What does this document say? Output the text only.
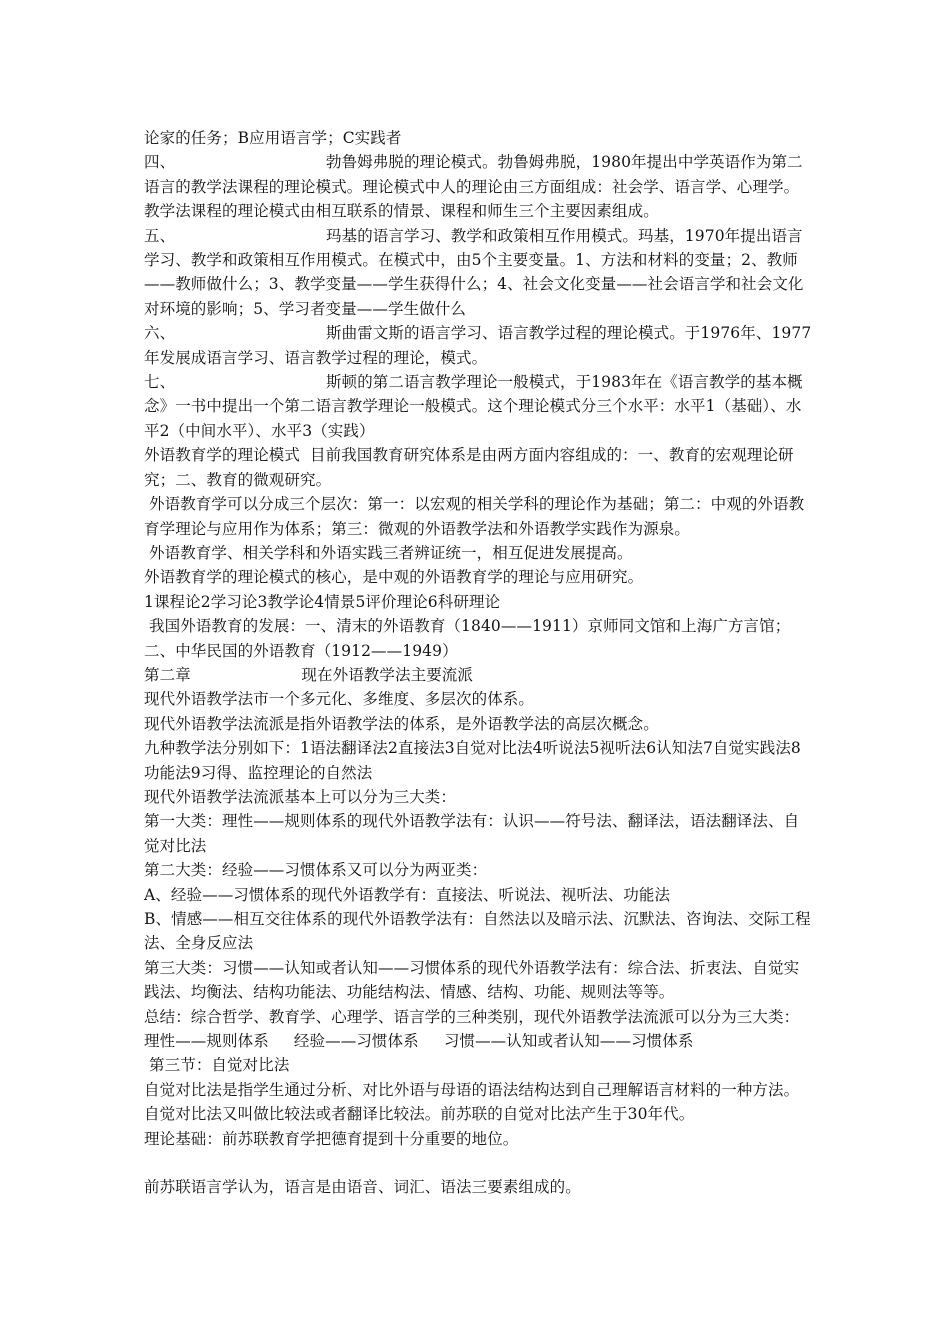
论家的任务；B应用语言学；C实践者

四、                              勃鲁姆弗脱的理论模式。勃鲁姆弗脱，1980年提出中学英语作为第二语言的教学法课程的理论模式。理论模式中人的理论由三方面组成：社会学、语言学、心理学。教学法课程的理论模式由相互联系的情景、课程和师生三个主要因素组成。

五、                              玛基的语言学习、教学和政策相互作用模式。玛基，1970年提出语言学习、教学和政策相互作用模式。在模式中，由5个主要变量。1、方法和材料的变量；2、教师——教师做什么；3、教学变量——学生获得什么；4、社会文化变量——社会语言学和社会文化对环境的影响；5、学习者变量——学生做什么

六、                              斯曲雷文斯的语言学习、语言教学过程的理论模式。于1976年、1977年发展成语言学习、语言教学过程的理论，模式。

七、                              斯顿的第二语言教学理论一般模式，于1983年在《语言教学的基本概念》一书中提出一个第二语言教学理论一般模式。这个理论模式分三个水平：水平1（基础）、水平2（中间水平）、水平3（实践）

外语教育学的理论模式  目前我国教育研究体系是由两方面内容组成的：一、教育的宏观理论研究；二、教育的微观研究。

外语教育学可以分成三个层次：第一：以宏观的相关学科的理论作为基础；第二：中观的外语教育学理论与应用作为体系；第三：微观的外语教学法和外语教学实践作为源泉。

外语教育学、相关学科和外语实践三者辨证统一，相互促进发展提高。

外语教育学的理论模式的核心，是中观的外语教育学的理论与应用研究。

1课程论2学习论3教学论4情景5评价理论6科研理论

我国外语教育的发展：一、清末的外语教育（1840——1911）京师同文馆和上海广方言馆；二、中华民国的外语教育（1912——1949）

第二章                      现在外语教学法主要流派

现代外语教学法市一个多元化、多维度、多层次的体系。

现代外语教学法流派是指外语教学法的体系，是外语教学法的高层次概念。

九种教学法分别如下：1语法翻译法2直接法3自觉对比法4听说法5视听法6认知法7自觉实践法8功能法9习得、监控理论的自然法

现代外语教学法流派基本上可以分为三大类：

第一大类：理性——规则体系的现代外语教学法有：认识——符号法、翻译法，语法翻译法、自觉对比法

第二大类：经验——习惯体系又可以分为两亚类：

A、经验——习惯体系的现代外语教学有：直接法、听说法、视听法、功能法

B、情感——相互交往体系的现代外语教学法有：自然法以及暗示法、沉默法、咨询法、交际工程法、全身反应法

第三大类：习惯——认知或者认知——习惯体系的现代外语教学法有：综合法、折衷法、自觉实践法、均衡法、结构功能法、功能结构法、情感、结构、功能、规则法等等。

总结：综合哲学、教育学、心理学、语言学的三种类别，现代外语教学法流派可以分为三大类：理性——规则体系     经验——习惯体系     习惯——认知或者认知——习惯体系

第三节：自觉对比法

自觉对比法是指学生通过分析、对比外语与母语的语法结构达到自己理解语言材料的一种方法。自觉对比法又叫做比较法或者翻译比较法。前苏联的自觉对比法产生于30年代。

理论基础：前苏联教育学把德育提到十分重要的地位。

前苏联语言学认为，语言是由语音、词汇、语法三要素组成的。
